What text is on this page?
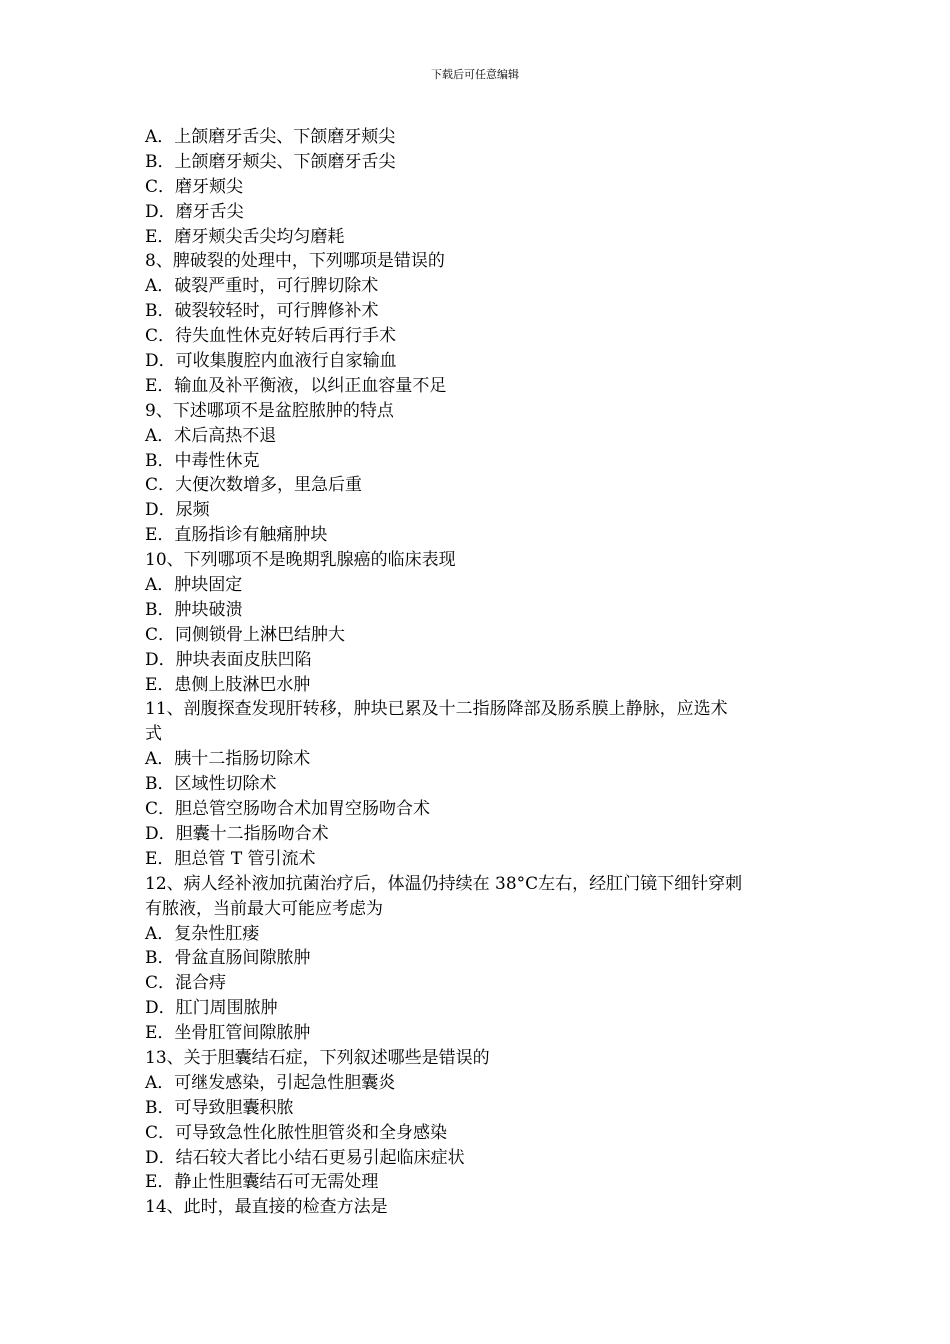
下载后可任意编辑
A．上颌磨牙舌尖、下颌磨牙颊尖
B．上颌磨牙颊尖、下颌磨牙舌尖
C．磨牙颊尖
D．磨牙舌尖
E．磨牙颊尖舌尖均匀磨耗
8、脾破裂的处理中，下列哪项是错误的
A．破裂严重时，可行脾切除术
B．破裂较轻时，可行脾修补术
C．待失血性休克好转后再行手术
D．可收集腹腔内血液行自家输血
E．输血及补平衡液，以纠正血容量不足
9、下述哪项不是盆腔脓肿的特点
A．术后高热不退
B．中毒性休克
C．大便次数增多，里急后重
D．尿频
E．直肠指诊有触痛肿块
10、下列哪项不是晚期乳腺癌的临床表现
A．肿块固定
B．肿块破溃
C．同侧锁骨上淋巴结肿大
D．肿块表面皮肤凹陷
E．患侧上肢淋巴水肿
11、剖腹探查发现肝转移，肿块已累及十二指肠降部及肠系膜上静脉，应选术
式
A．胰十二指肠切除术
B．区域性切除术
C．胆总管空肠吻合术加胃空肠吻合术
D．胆囊十二指肠吻合术
E．胆总管 T 管引流术
12、病人经补液加抗菌治疗后，体温仍持续在 38°C左右，经肛门镜下细针穿刺
有脓液，当前最大可能应考虑为
A．复杂性肛瘘
B．骨盆直肠间隙脓肿
C．混合痔
D．肛门周围脓肿
E．坐骨肛管间隙脓肿
13、关于胆囊结石症，下列叙述哪些是错误的
A．可继发感染，引起急性胆囊炎
B．可导致胆囊积脓
C．可导致急性化脓性胆管炎和全身感染
D．结石较大者比小结石更易引起临床症状
E．静止性胆囊结石可无需处理
14、此时，最直接的检查方法是
